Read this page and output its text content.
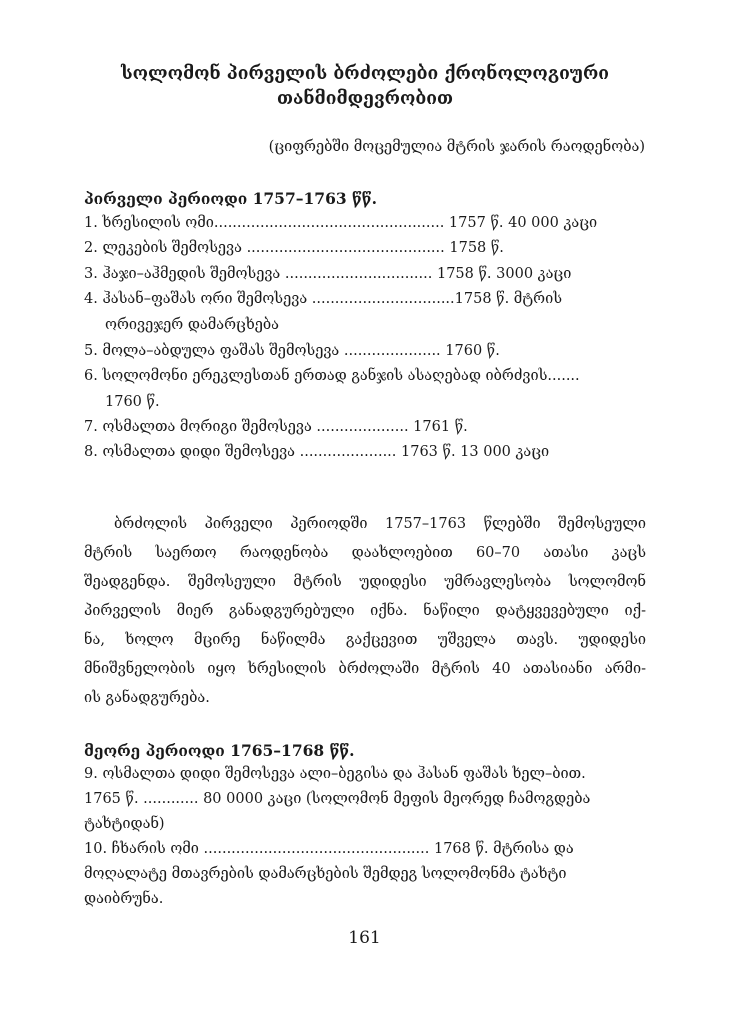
სოლომონ პირველის ბრძოლები ქრონოლოგიური
თანმიმდევრობით
(ციფრებში მოცემულია მტრის ჯარის რაოდენობა)
პირველი პერიოდი 1757–1763 წწ.
1. ხრესილის ომი.................................................. 1757 წ. 40 000 კაცი
2. ლეკების შემოსევა ........................................... 1758 წ.
3. ჰაჯი–აჰმედის შემოსევა ................................ 1758 წ. 3000 კაცი
4. ჰასან–ფაშას ორი შემოსევა ...............................1758 წ. მტრის
ორივეჯერ დამარცხება
5. მოლა–აბდულა ფაშას შემოსევა ..................... 1760 წ.
6. სოლომონი ერეკლესთან ერთად განჯის ასაღებად იბრძვის.......
1760 წ.
7. ოსმალთა მორიგი შემოსევა .................... 1761 წ.
8. ოსმალთა დიდი შემოსევა ..................... 1763 წ. 13 000 კაცი
ბრძოლის პირველი პერიოდში 1757–1763 წლებში შემოსეული
მტრის საერთო რაოდენობა დაახლოებით 60–70 ათასი კაცს
შეადგენდა. შემოსეული მტრის უდიდესი უმრავლესობა სოლომონ
პირველის მიერ განადგურებული იქნა. ნაწილი დატყვევებული იქ-
ნა, ხოლო მცირე ნაწილმა გაქცევით უშველა თავს. უდიდესი
მნიშვნელობის იყო ხრესილის ბრძოლაში მტრის 40 ათასიანი არმი-
ის განადგურება.
მეორე პერიოდი 1765–1768 წწ.
9. ოსმალთა დიდი შემოსევა ალი–ბეგისა და ჰასან ფაშას ხელ–ბით.
1765 წ. ............ 80 0000 კაცი (სოლომონ მეფის მეორედ ჩამოგდება
ტახტიდან)
10. ჩხარის ომი ................................................. 1768 წ. მტრისა და
მოღალატე მთავრების დამარცხების შემდეგ სოლომონმა ტახტი
დაიბრუნა.
161
